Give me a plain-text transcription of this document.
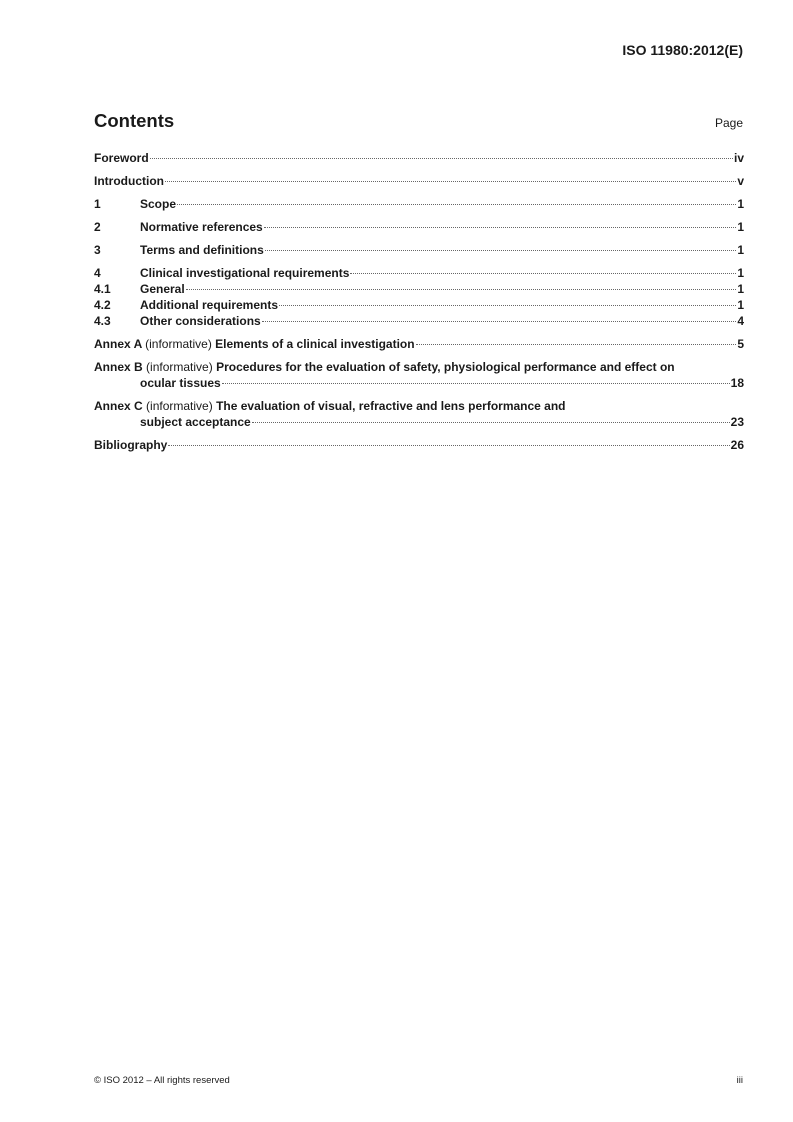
ISO 11980:2012(E)
Contents	Page
Foreword	iv
Introduction	v
1	Scope	1
2	Normative references	1
3	Terms and definitions	1
4	Clinical investigational requirements	1
4.1	General	1
4.2	Additional requirements	1
4.3	Other considerations	4
Annex A (informative) Elements of a clinical investigation	5
Annex B (informative) Procedures for the evaluation of safety, physiological performance and effect on
ocular tissues	18
Annex C (informative) The evaluation of visual, refractive and lens performance and
subject acceptance	23
Bibliography	26
© ISO 2012 – All rights reserved	iii
